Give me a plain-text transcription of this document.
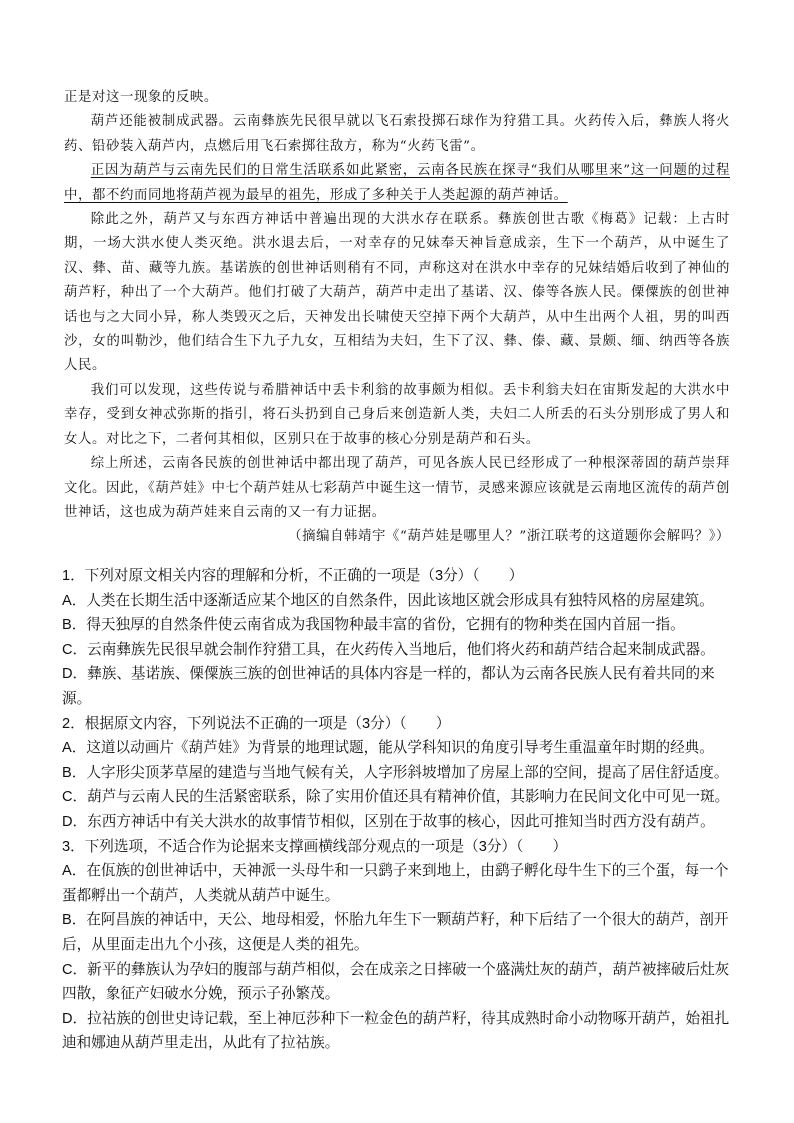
正是对这一现象的反映。

葫芦还能被制成武器。云南彝族先民很早就以飞石索投掷石球作为狩猎工具。火药传入后，彝族人将火药、铅砂装入葫芦内，点燃后用飞石索掷往敌方，称为“火药飞雷”。

正因为葫芦与云南先民们的日常生活联系如此紧密，云南各民族在探寻“我们从哪里来”这一问题的过程中，都不约而同地将葫芦视为最早的祖先，形成了多种关于人类起源的葫芦神话。

除此之外，葫芦又与东西方神话中普遍出现的大洪水存在联系。彝族创世古歌《梅葛》记载：上古时期，一场大洪水使人类灭绝。洪水退去后，一对幸存的兄妹奉天神旨意成亲，生下一个葫芦，从中诞生了汉、彝、苗、藏等九族。基诺族的创世神话则稍有不同，声称这对在洪水中幸存的兄妹结婚后收到了神仙的葫芦籽，种出了一个大葫芦。他们打破了大葫芦，葫芦中走出了基诺、汉、傣等各族人民。傈僳族的创世神话也与之大同小异，称人类毁灭之后，天神发出长啸使天空掉下两个大葫芦，从中生出两个人祖，男的叫西沙，女的叫勒沙，他们结合生下九子九女，互相结为夫妇，生下了汉、彝、傣、藏、景颇、缅、纳西等各族人民。

我们可以发现，这些传说与希腊神话中丢卡利翁的故事颇为相似。丢卡利翁夫妇在宙斯发起的大洪水中幸存，受到女神忒弥斯的指引，将石头扔到自己身后来创造新人类，夫妇二人所丢的石头分别形成了男人和女人。对比之下，二者何其相似，区别只在于故事的核心分别是葫芦和石头。

综上所述，云南各民族的创世神话中都出现了葫芦，可见各族人民已经形成了一种根深蒂固的葫芦崇拜文化。因此，《葫芦娃》中七个葫芦娃从七彩葫芦中诞生这一情节，灵感来源应该就是云南地区流传的葫芦创世神话，这也成为葫芦娃来自云南的又一有力证据。

（摘编自韩靖宇《“葫芦娃是哪里人？”浙江联考的这道题你会解吗？》）

1．下列对原文相关内容的理解和分析，不正确的一项是（3分）（　　）

A．人类在长期生活中逐渐适应某个地区的自然条件，因此该地区就会形成具有独特风格的房屋建筑。

B．得天独厚的自然条件使云南省成为我国物种最丰富的省份，它拥有的物种类在国内首屈一指。

C．云南彝族先民很早就会制作狩猎工具，在火药传入当地后，他们将火药和葫芦结合起来制成武器。

D．彝族、基诺族、傈僳族三族的创世神话的具体内容是一样的，都认为云南各民族人民有着共同的来源。

2．根据原文内容，下列说法不正确的一项是（3分）（　　）

A．这道以动画片《葫芦娃》为背景的地理试题，能从学科知识的角度引导考生重温童年时期的经典。

B．人字形尖顶茅草屋的建造与当地气候有关，人字形斜坡增加了房屋上部的空间，提高了居住舒适度。

C．葫芦与云南人民的生活紧密联系，除了实用价值还具有精神价值，其影响力在民间文化中可见一斑。

D．东西方神话中有关大洪水的故事情节相似，区别在于故事的核心，因此可推知当时西方没有葫芦。

3．下列选项，不适合作为论据来支撑画横线部分观点的一项是（3分）（　　）

A．在佤族的创世神话中，天神派一头母牛和一只鹞子来到地上，由鹞子孵化母牛生下的三个蛋，每一个蛋都孵出一个葫芦，人类就从葫芦中诞生。

B．在阿昌族的神话中，天公、地母相爱，怀胎九年生下一颗葫芦籽，种下后结了一个很大的葫芦，剖开后，从里面走出九个小孩，这便是人类的祖先。

C．新平的彝族认为孕妇的腹部与葫芦相似，会在成亲之日摔破一个盛满灶灰的葫芦，葫芦被摔破后灶灰四散，象征产妇破水分娩，预示子孙繁茂。

D．拉祜族的创世史诗记载，至上神厄莎种下一粒金色的葫芦籽，待其成熟时命小动物啄开葫芦，始祖扎迪和娜迪从葫芦里走出，从此有了拉祜族。
